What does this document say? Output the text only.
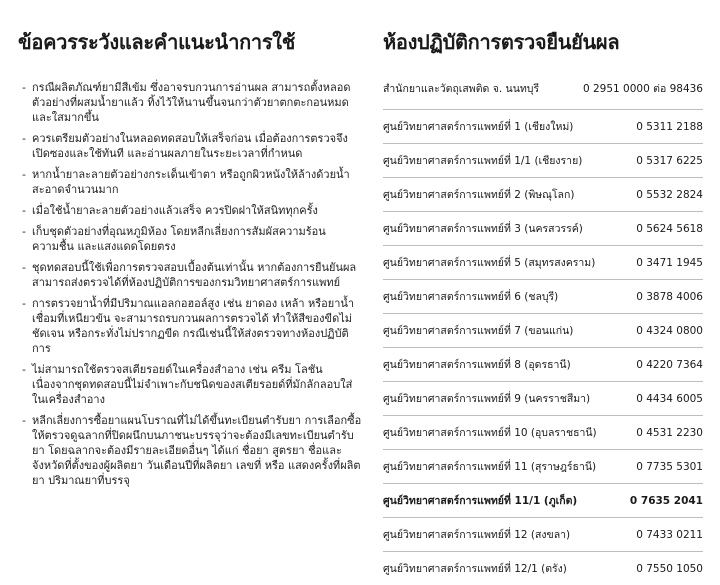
ข้อควรระวังและคำแนะนำการใช้
- กรณีผลิตภัณฑ์ยามีสีเข้ม ซึ่งอาจรบกวนการอ่านผล สามารถตั้งหลอดตัวอย่างที่ผสมน้ำยาแล้ว ทิ้งไว้ให้นานขึ้นจนกว่าตัวยาตกตะกอนหมดและใสมากขึ้น
- ควรเตรียมตัวอย่างในหลอดทดสอบให้เสร็จก่อน เมื่อต้องการตรวจจึงเปิดซองและใช้ทันที และอ่านผลภายในระยะเวลาที่กำหนด
- หากน้ำยาละลายตัวอย่างกระเด็นเข้าตา หรือถูกผิวหนังให้ล้างด้วยน้ำสะอาดจำนวนมาก
- เมื่อใช้น้ำยาละลายตัวอย่างแล้วเสร็จ ควรปิดฝาให้สนิททุกครั้ง
- เก็บชุดตัวอย่างที่อุณหภูมิห้อง โดยหลีกเลี่ยงการสัมผัสความร้อน ความชื้น และแสงแดดโดยตรง
- ชุดทดสอบนี้ใช้เพื่อการตรวจสอบเบื้องต้นเท่านั้น หากต้องการยืนยันผลสามารถส่งตรวจได้ที่ห้องปฏิบัติการของกรมวิทยาศาสตร์การแพทย์
- การตรวจยาน้ำที่มีปริมาณแอลกอฮอล์สูง เช่น ยาดอง เหล้า หรือยาน้ำเชื่อมที่เหนียวข้น จะสามารถรบกวนผลการตรวจได้ ทำให้สีของขีดไม่ชัดเจน หรือกระทั่งไม่ปรากฏขีด กรณีเช่นนี้ให้ส่งตรวจทางห้องปฏิบัติการ
- ไม่สามารถใช้ตรวจสเตียรอยด์ในเครื่องสำอาง เช่น ครีม โลชัน เนื่องจากชุดทดสอบนี้ไม่จำเพาะกับชนิดของสเตียรอยด์ที่มักลักลอบใส่ในเครื่องสำอาง
- หลีกเลี่ยงการซื้อยาแผนโบราณที่ไม่ได้ขึ้นทะเบียนตำรับยา การเลือกซื้อให้ตรวจดูฉลากที่ปิดผนึกบนภาชนะบรรจุว่าจะต้องมีเลขทะเบียนตำรับยา โดยฉลากจะต้องมีรายละเอียดอื่นๆ ได้แก่ ชื่อยา สูตรยา ชื่อและจังหวัดที่ตั้งของผู้ผลิตยา วันเดือนปีที่ผลิตยา เลขที่ หรือ แสดงครั้งที่ผลิตยา ปริมาณยาที่บรรจุ
ห้องปฏิบัติการตรวจยืนยันผล
สำนักยาและวัตถุเสพติด จ. นนทบุรี	0 2951 0000 ต่อ 98436
ศูนย์วิทยาศาสตร์การแพทย์ที่ 1 (เชียงใหม่)	0 5311 2188
ศูนย์วิทยาศาสตร์การแพทย์ที่ 1/1 (เชียงราย)	0 5317 6225
ศูนย์วิทยาศาสตร์การแพทย์ที่ 2 (พิษณุโลก)	0 5532 2824
ศูนย์วิทยาศาสตร์การแพทย์ที่ 3 (นครสวรรค์)	0 5624 5618
ศูนย์วิทยาศาสตร์การแพทย์ที่ 5 (สมุทรสงคราม)	0 3471 1945
ศูนย์วิทยาศาสตร์การแพทย์ที่ 6 (ชลบุรี)	0 3878 4006
ศูนย์วิทยาศาสตร์การแพทย์ที่ 7 (ขอนแก่น)	0 4324 0800
ศูนย์วิทยาศาสตร์การแพทย์ที่ 8 (อุดรธานี)	0 4220 7364
ศูนย์วิทยาศาสตร์การแพทย์ที่ 9 (นครราชสีมา)	0 4434 6005
ศูนย์วิทยาศาสตร์การแพทย์ที่ 10 (อุบลราชธานี)	0 4531 2230
ศูนย์วิทยาศาสตร์การแพทย์ที่ 11 (สุราษฎร์ธานี)	0 7735 5301
ศูนย์วิทยาศาสตร์การแพทย์ที่ 11/1 (ภูเก็ต)	0 7635 2041
ศูนย์วิทยาศาสตร์การแพทย์ที่ 12 (สงขลา)	0 7433 0211
ศูนย์วิทยาศาสตร์การแพทย์ที่ 12/1 (ตรัง)	0 7550 1050
